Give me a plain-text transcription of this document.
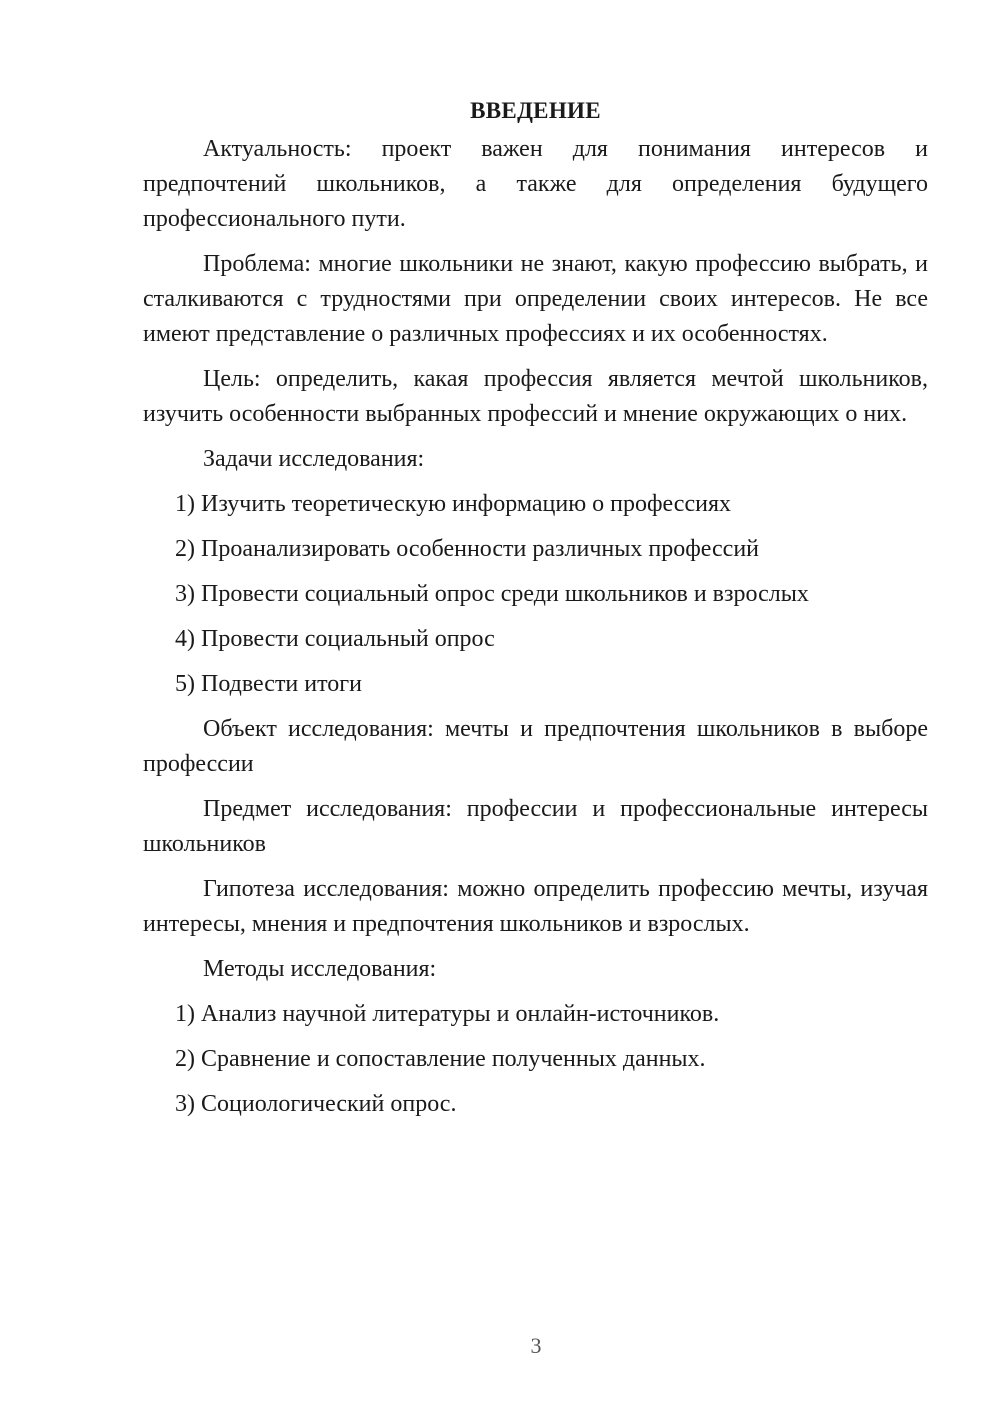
ВВЕДЕНИЕ

Актуальность: проект важен для понимания интересов и предпочтений школьников, а также для определения будущего профессионального пути.

Проблема: многие школьники не знают, какую профессию выбрать, и сталкиваются с трудностями при определении своих интересов. Не все имеют представление о различных профессиях и их особенностях.

Цель: определить, какая профессия является мечтой школьников, изучить особенности выбранных профессий и мнение окружающих о них.

Задачи исследования:

1) Изучить теоретическую информацию о профессиях
2) Проанализировать особенности различных профессий
3) Провести социальный опрос среди школьников и взрослых
4) Провести социальный опрос
5) Подвести итоги

Объект исследования: мечты и предпочтения школьников в выборе профессии

Предмет исследования: профессии и профессиональные интересы школьников

Гипотеза исследования: можно определить профессию мечты, изучая интересы, мнения и предпочтения школьников и взрослых.

Методы исследования:

1) Анализ научной литературы и онлайн-источников.
2) Сравнение и сопоставление полученных данных.
3) Социологический опрос.
3
